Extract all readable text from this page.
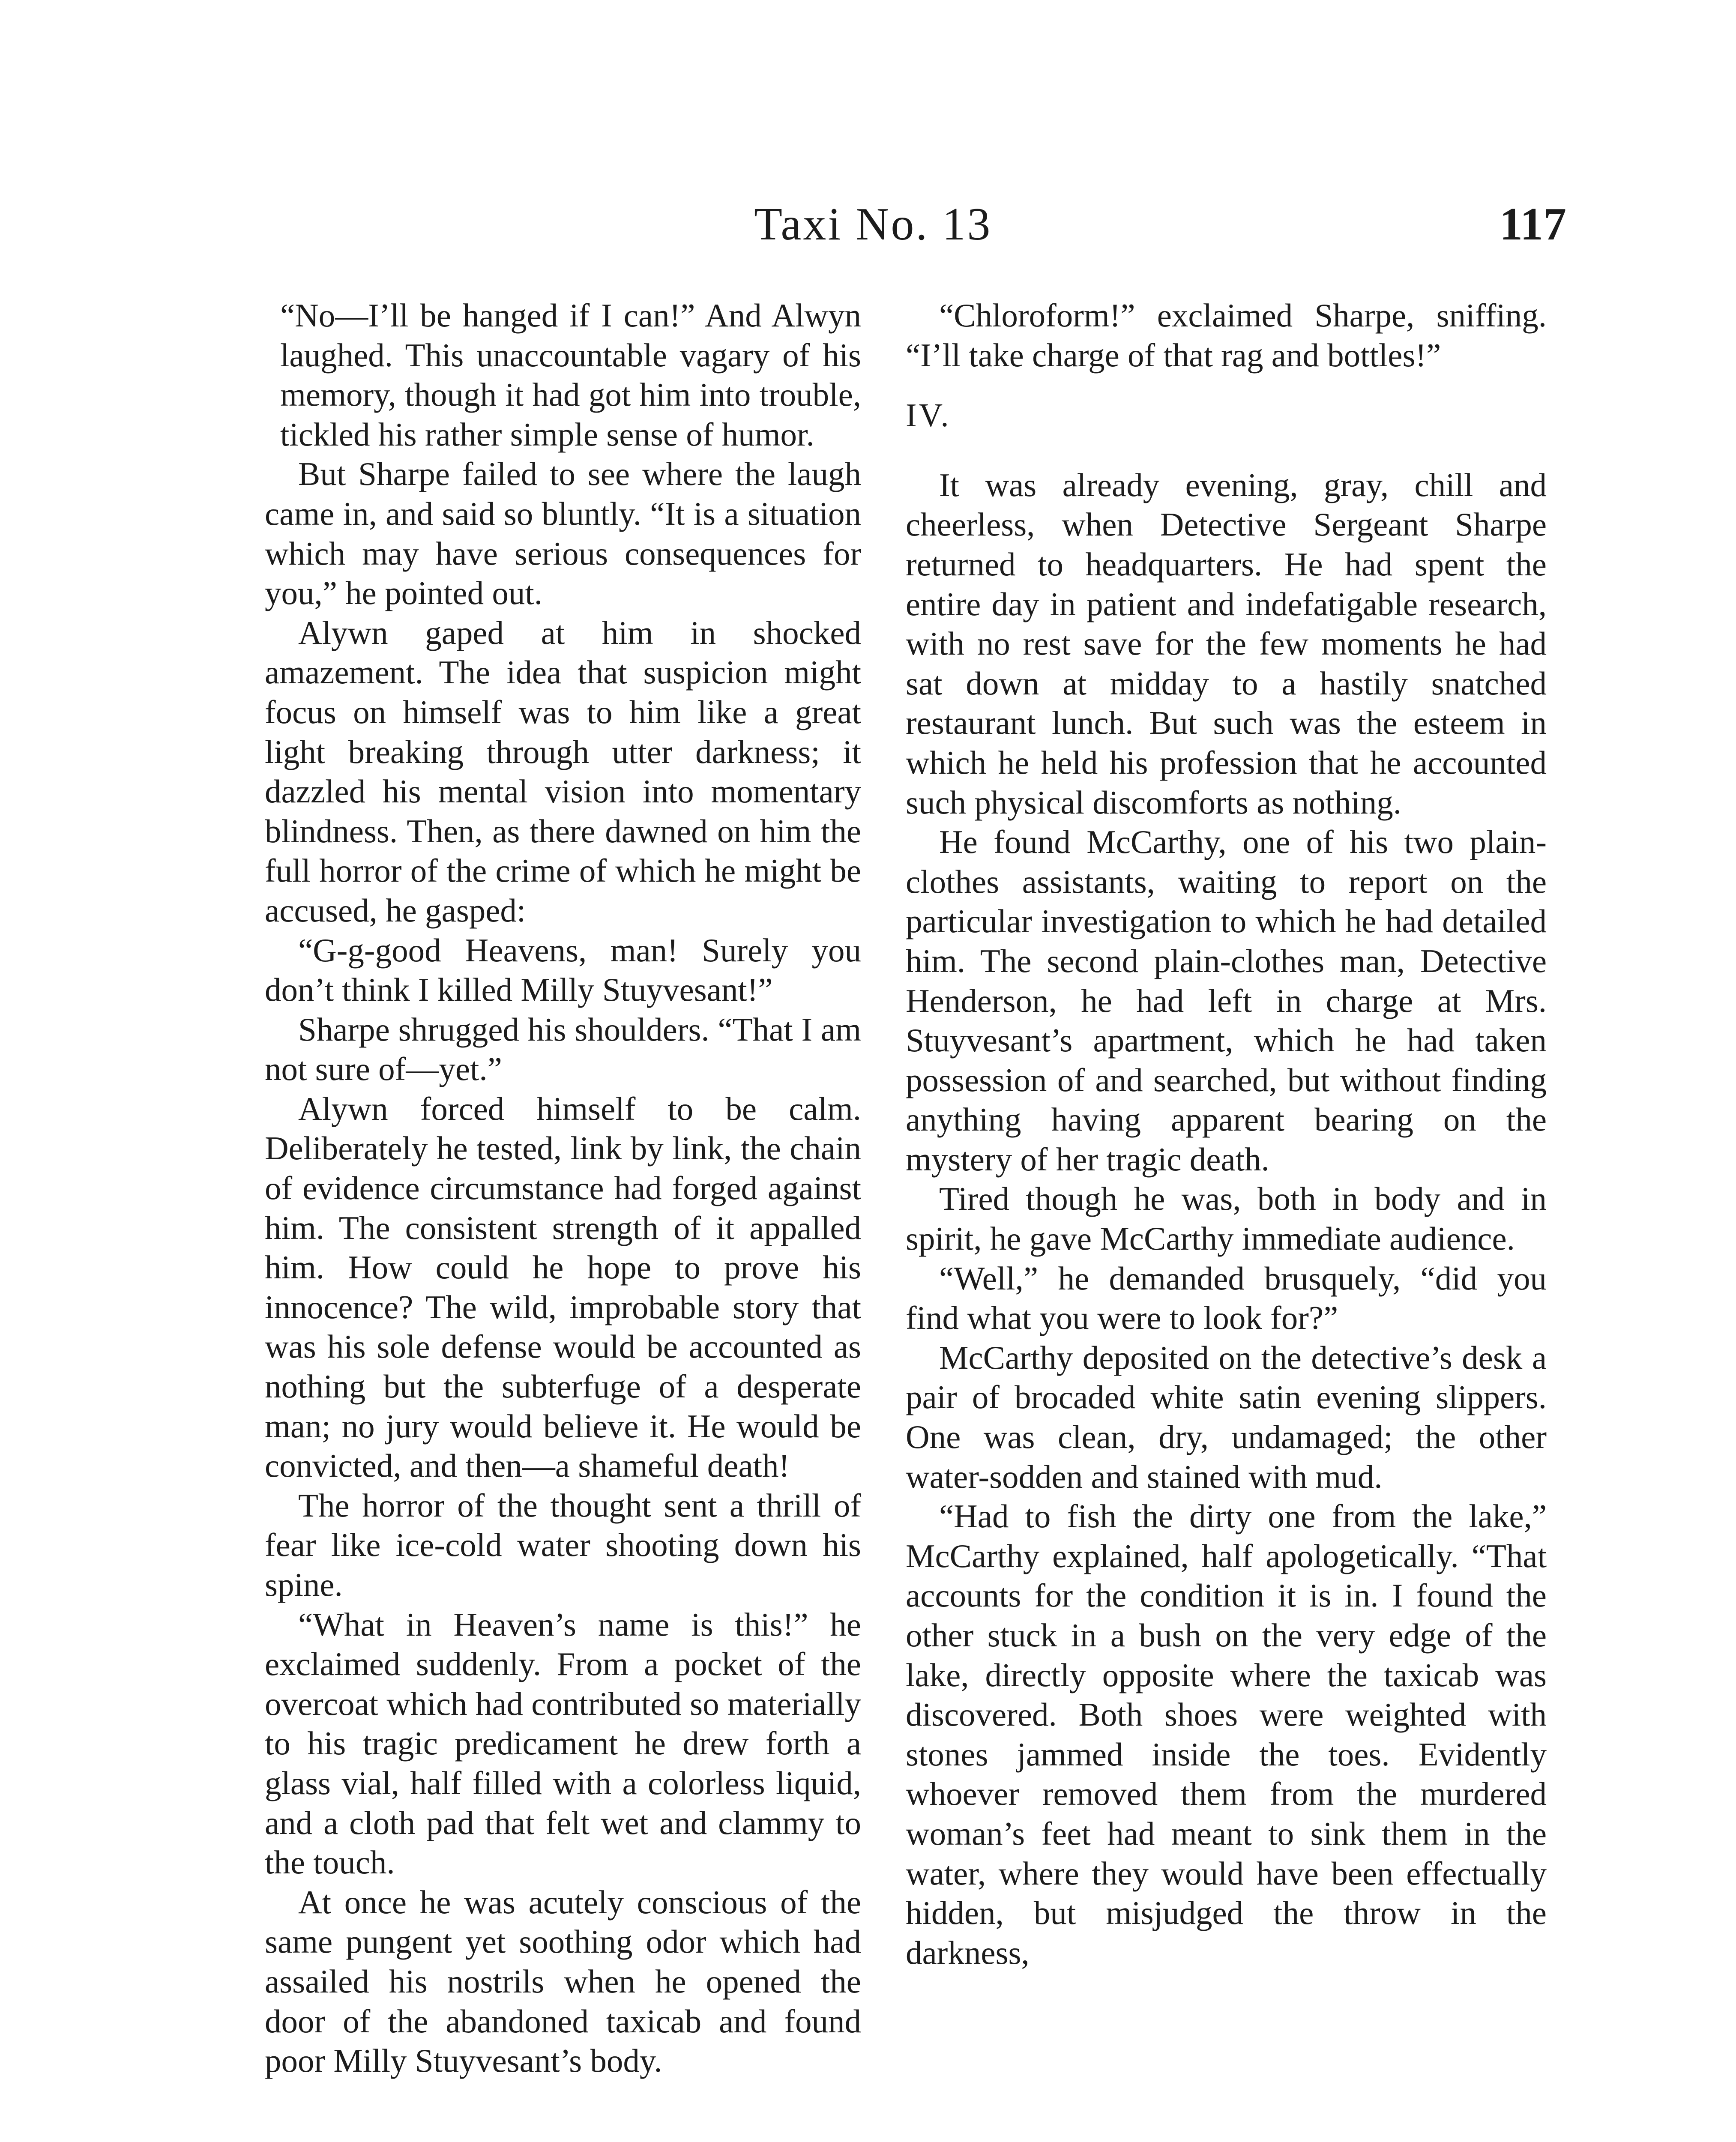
Taxi No. 13	117

“No—I’ll be hanged if I can!” And Alwyn laughed. This unaccountable vagary of his memory, though it had got him into trouble, tickled his rather simple sense of humor.

But Sharpe failed to see where the laugh came in, and said so bluntly. “It is a situation which may have serious consequences for you,” he pointed out.

Alywn gaped at him in shocked amazement. The idea that suspicion might focus on himself was to him like a great light breaking through utter darkness; it dazzled his mental vision into momentary blindness. Then, as there dawned on him the full horror of the crime of which he might be accused, he gasped:

“G-g-good Heavens, man! Surely you don’t think I killed Milly Stuyvesant!”

Sharpe shrugged his shoulders. “That I am not sure of—yet.”

Alywn forced himself to be calm. Deliberately he tested, link by link, the chain of evidence circumstance had forged against him. The consistent strength of it appalled him. How could he hope to prove his innocence? The wild, improbable story that was his sole defense would be accounted as nothing but the subterfuge of a desperate man; no jury would believe it. He would be convicted, and then—a shameful death!

The horror of the thought sent a thrill of fear like ice-cold water shooting down his spine.

“What in Heaven’s name is this!” he exclaimed suddenly. From a pocket of the overcoat which had contributed so materially to his tragic predicament he drew forth a glass vial, half filled with a colorless liquid, and a cloth pad that felt wet and clammy to the touch.

At once he was acutely conscious of the same pungent yet soothing odor which had assailed his nostrils when he opened the door of the abandoned taxicab and found poor Milly Stuyvesant’s body.

“Chloroform!” exclaimed Sharpe, sniffing. “I’ll take charge of that rag and bottles!”

IV.

It was already evening, gray, chill and cheerless, when Detective Sergeant Sharpe returned to headquarters. He had spent the entire day in patient and indefatigable research, with no rest save for the few moments he had sat down at midday to a hastily snatched restaurant lunch. But such was the esteem in which he held his profession that he accounted such physical discomforts as nothing.

He found McCarthy, one of his two plain-clothes assistants, waiting to report on the particular investigation to which he had detailed him. The second plain-clothes man, Detective Henderson, he had left in charge at Mrs. Stuyvesant’s apartment, which he had taken possession of and searched, but without finding anything having apparent bearing on the mystery of her tragic death.

Tired though he was, both in body and in spirit, he gave McCarthy immediate audience.

“Well,” he demanded brusquely, “did you find what you were to look for?”

McCarthy deposited on the detective’s desk a pair of brocaded white satin evening slippers. One was clean, dry, undamaged; the other water-sodden and stained with mud.

“Had to fish the dirty one from the lake,” McCarthy explained, half apologetically. “That accounts for the condition it is in. I found the other stuck in a bush on the very edge of the lake, directly opposite where the taxicab was discovered. Both shoes were weighted with stones jammed inside the toes. Evidently whoever removed them from the murdered woman’s feet had meant to sink them in the water, where they would have been effectually hidden, but misjudged the throw in the darkness,
